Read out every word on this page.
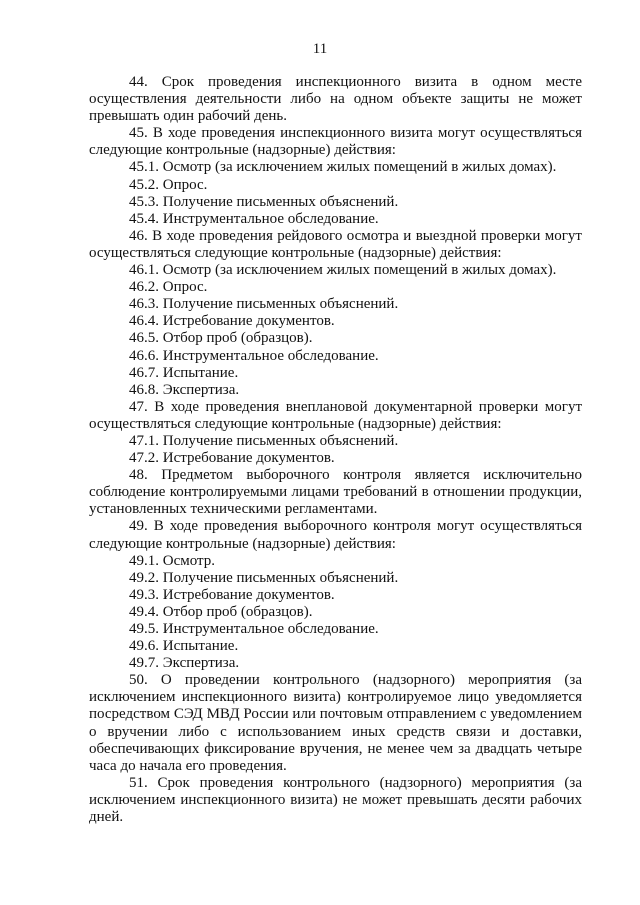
11

44. Срок проведения инспекционного визита в одном месте осуществления деятельности либо на одном объекте защиты не может превышать один рабочий день.

45. В ходе проведения инспекционного визита могут осуществляться следующие контрольные (надзорные) действия:

45.1. Осмотр (за исключением жилых помещений в жилых домах).

45.2. Опрос.

45.3. Получение письменных объяснений.

45.4. Инструментальное обследование.

46. В ходе проведения рейдового осмотра и выездной проверки могут осуществляться следующие контрольные (надзорные) действия:

46.1. Осмотр (за исключением жилых помещений в жилых домах).

46.2. Опрос.

46.3. Получение письменных объяснений.

46.4. Истребование документов.

46.5. Отбор проб (образцов).

46.6. Инструментальное обследование.

46.7. Испытание.

46.8. Экспертиза.

47. В ходе проведения внеплановой документарной проверки могут осуществляться следующие контрольные (надзорные) действия:

47.1. Получение письменных объяснений.

47.2. Истребование документов.

48. Предметом выборочного контроля является исключительно соблюдение контролируемыми лицами требований в отношении продукции, установленных техническими регламентами.

49. В ходе проведения выборочного контроля могут осуществляться следующие контрольные (надзорные) действия:

49.1. Осмотр.

49.2. Получение письменных объяснений.

49.3. Истребование документов.

49.4. Отбор проб (образцов).

49.5. Инструментальное обследование.

49.6. Испытание.

49.7. Экспертиза.

50. О проведении контрольного (надзорного) мероприятия (за исключением инспекционного визита) контролируемое лицо уведомляется посредством СЭД МВД России или почтовым отправлением с уведомлением о вручении либо с использованием иных средств связи и доставки, обеспечивающих фиксирование вручения, не менее чем за двадцать четыре часа до начала его проведения.

51. Срок проведения контрольного (надзорного) мероприятия (за исключением инспекционного визита) не может превышать десяти рабочих дней.
